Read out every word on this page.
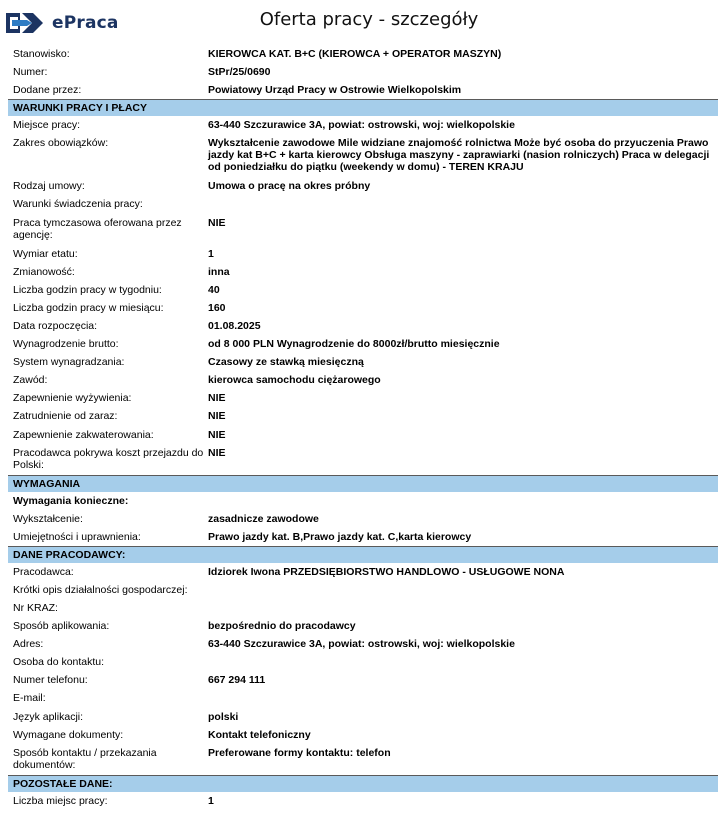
ePraca	Oferta pracy - szczegóły
Stanowisko:	KIEROWCA KAT. B+C (KIEROWCA + OPERATOR MASZYN)
Numer:	StPr/25/0690
Dodane przez:	Powiatowy Urząd Pracy w Ostrowie Wielkopolskim
WARUNKI PRACY I PŁACY
Miejsce pracy:	63-440 Szczurawice 3A, powiat: ostrowski, woj: wielkopolskie
Zakres obowiązków:	Wykształcenie zawodowe Mile widziane znajomość rolnictwa Może być osoba do przyuczenia Prawo jazdy kat B+C + karta kierowcy Obsługa maszyny - zaprawiarki (nasion rolniczych) Praca w delegacji od poniedziałku do piątku (weekendy w domu) - TEREN KRAJU
Rodzaj umowy:	Umowa o pracę na okres próbny
Warunki świadczenia pracy:
Praca tymczasowa oferowana przez agencję:
NIE
Wymiar etatu:	1
Zmianowość:	inna
Liczba godzin pracy w tygodniu:	40
Liczba godzin pracy w miesiącu:	160
Data rozpoczęcia:	01.08.2025
Wynagrodzenie brutto:	od 8 000 PLN Wynagrodzenie do 8000zł/brutto miesięcznie
System wynagradzania:	Czasowy ze stawką miesięczną
Zawód:	kierowca samochodu ciężarowego
Zapewnienie wyżywienia:	NIE
Zatrudnienie od zaraz:	NIE
Zapewnienie zakwaterowania:	NIE
Pracodawca pokrywa koszt przejazdu do Polski:
NIE
WYMAGANIA
Wymagania konieczne:
Wykształcenie:	zasadnicze zawodowe
Umiejętności i uprawnienia:	Prawo jazdy kat. B,Prawo jazdy kat. C,karta kierowcy
DANE PRACODAWCY:
Pracodawca:	Idziorek Iwona PRZEDSIĘBIORSTWO HANDLOWO - USŁUGOWE NONA
Krótki opis działalności gospodarczej:
Nr KRAZ:
Sposób aplikowania:	bezpośrednio do pracodawcy
Adres:	63-440 Szczurawice 3A, powiat: ostrowski, woj: wielkopolskie
Osoba do kontaktu:
Numer telefonu:	667 294 111
E-mail:
Język aplikacji:	polski
Wymagane dokumenty:	Kontakt telefoniczny
Sposób kontaktu / przekazania dokumentów:
Preferowane formy kontaktu: telefon
POZOSTAŁE DANE:
Liczba miejsc pracy:	1
